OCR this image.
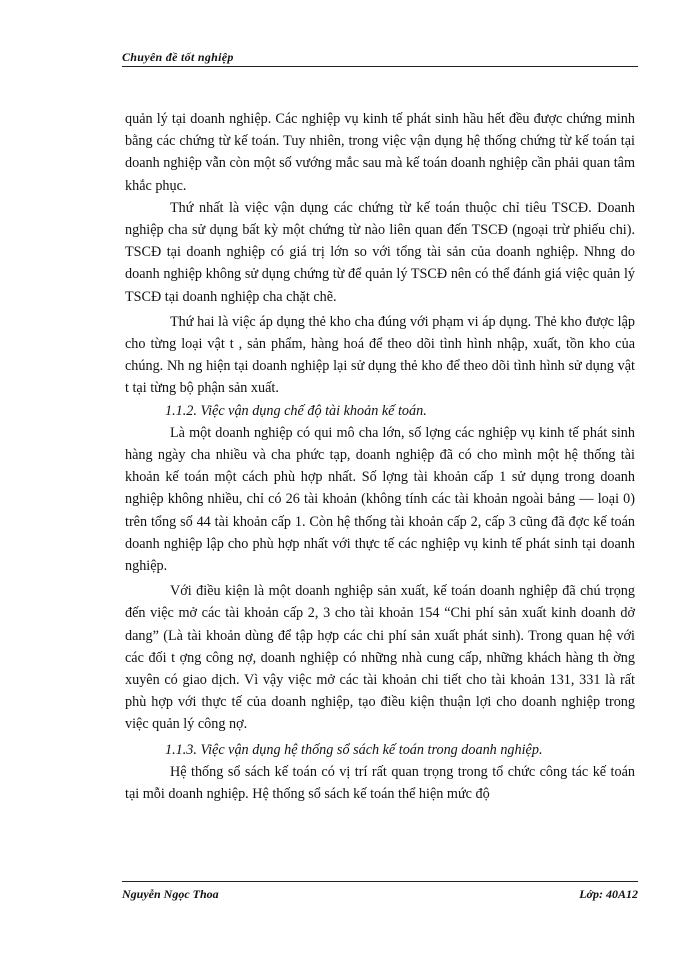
Chuyên đề tốt nghiệp

quản lý tại doanh nghiệp. Các nghiệp vụ kinh tế phát sinh hầu hết đều được chứng minh bằng các chứng từ kế toán. Tuy nhiên, trong việc vận dụng hệ thống chứng từ kế toán tại doanh nghiệp vẫn còn một số vướng mắc sau mà kế toán doanh nghiệp cần phải quan tâm khắc phục.

Thứ nhất là việc vận dụng các chứng từ kế toán thuộc chỉ tiêu TSCĐ. Doanh nghiệp cha sử dụng bất kỳ một chứng từ nào liên quan đến TSCĐ (ngoại trừ phiếu chi). TSCĐ tại doanh nghiệp có giá trị lớn so với tổng tài sản của doanh nghiệp. Nhng do doanh nghiệp không sử dụng chứng từ để quản lý TSCĐ nên có thể đánh giá việc quản lý TSCĐ tại doanh nghiệp cha chặt chẽ.

Thứ hai là việc áp dụng thẻ kho cha đúng với phạm vi áp dụng. Thẻ kho được lập cho từng loại vật t , sản phẩm, hàng hoá để theo dõi tình hình nhập, xuất, tồn kho của chúng. Nh ng hiện tại doanh nghiệp lại sử dụng thẻ kho để theo dõi tình hình sử dụng vật t tại từng bộ phận sản xuất.

1.1.2. Việc vận dụng chế độ tài khoản kế toán.

Là một doanh nghiệp có qui mô cha lớn, số lợng các nghiệp vụ kinh tế phát sinh hàng ngày cha nhiều và cha phức tạp, doanh nghiệp đã có cho mình một hệ thống tài khoản kế toán một cách phù hợp nhất. Số lợng tài khoản cấp 1 sử dụng trong doanh nghiệp không nhiều, chỉ có 26 tài khoản (không tính các tài khoản ngoài bảng — loại 0) trên tổng số 44 tài khoản cấp 1. Còn hệ thống tài khoản cấp 2, cấp 3 cũng đã đợc kế toán doanh nghiệp lập cho phù hợp nhất với thực tế các nghiệp vụ kinh tế phát sinh tại doanh nghiệp.

Với điều kiện là một doanh nghiệp sản xuất, kế toán doanh nghiệp đã chú trọng đến việc mở các tài khoản cấp 2, 3 cho tài khoản 154 “Chi phí sản xuất kinh doanh dở dang” (Là tài khoản dùng để tập hợp các chi phí sản xuất phát sinh). Trong quan hệ với các đối t ợng công nợ, doanh nghiệp có những nhà cung cấp, những khách hàng th ờng xuyên có giao dịch. Vì vậy việc mở các tài khoản chi tiết cho tài khoản 131, 331 là rất phù hợp với thực tế của doanh nghiệp, tạo điều kiện thuận lợi cho doanh nghiệp trong việc quản lý công nợ.

1.1.3. Việc vận dụng hệ thống sổ sách kế toán trong doanh nghiệp.

Hệ thống sổ sách kế toán có vị trí rất quan trọng trong tổ chức công tác kế toán tại mỗi doanh nghiệp. Hệ thống sổ sách kế toán thể hiện mức độ

Nguyễn Ngọc Thoa	Lớp: 40A12
